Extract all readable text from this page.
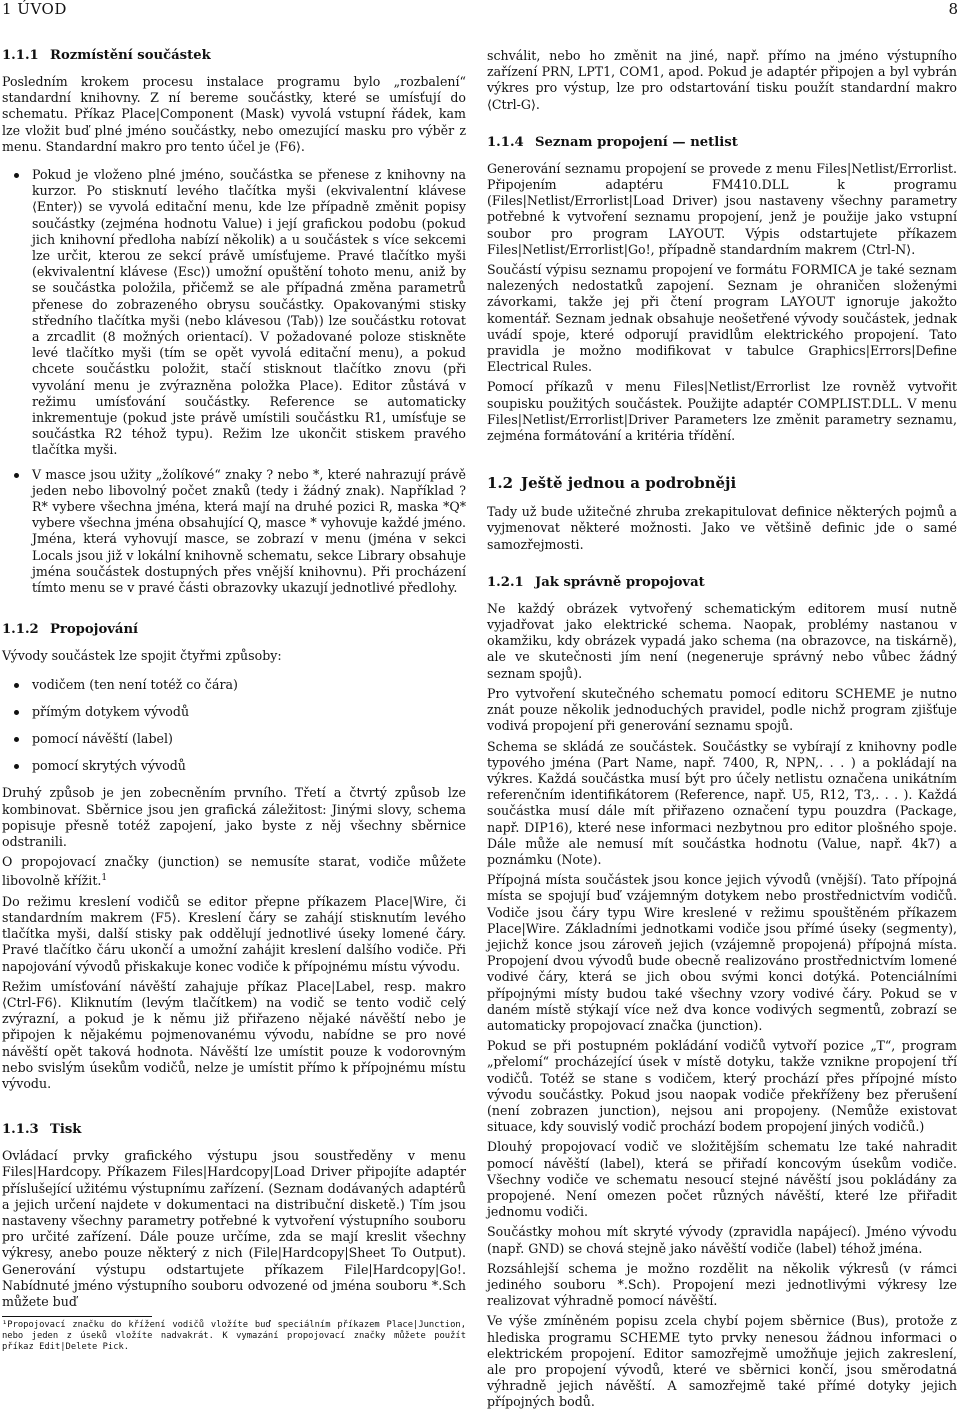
1 ÚVOD	8
1.1.1 Rozmístění součástek

Posledním krokem procesu instalace programu bylo „rozbalení“ standardní knihovny. Z ní bereme součástky, které se umísťují do schematu. Příkaz Place|Component (Mask) vyvolá vstupní řádek, kam lze vložit buď plné jméno součástky, nebo omezující masku pro výběr z menu. Standardní makro pro tento účel je ⟨F6⟩.

Pokud je vloženo plné jméno, součástka se přenese z knihovny na kurzor. Po stisknutí levého tlačítka myši (ekvivalentní klávese ⟨Enter⟩) se vyvolá editační menu, kde lze případně změnit popisy součástky (zejména hodnotu Value) i její grafickou podobu (pokud jich knihovní předloha nabízí několik) a u součástek s více sekcemi lze určit, kterou ze sekcí právě umísťujeme. Pravé tlačítko myši (ekvivalentní klávese ⟨Esc⟩) umožní opuštění tohoto menu, aniž by se součástka položila, přičemž se ale případná změna parametrů přenese do zobrazeného obrysu součástky. Opakovanými stisky středního tlačítka myši (nebo klávesou ⟨Tab⟩) lze součástku rotovat a zrcadlit (8 možných orientací). V požadované poloze stiskněte levé tlačítko myši (tím se opět vyvolá editační menu), a pokud chcete součástku položit, stačí stisknout tlačítko znovu (při vyvolání menu je zvýrazněna položka Place). Editor zůstává v režimu umísťování součástky. Reference se automaticky inkrementuje (pokud jste právě umístili součástku R1, umísťuje se součástka R2 téhož typu). Režim lze ukončit stiskem pravého tlačítka myši.
V masce jsou užity „žolíkové“ znaky ? nebo *, které nahrazují právě jeden nebo libovolný počet znaků (tedy i žádný znak). Například ?R* vybere všechna jména, která mají na druhé pozici R, maska *Q* vybere všechna jména obsahující Q, masce * vyhovuje každé jméno. Jména, která vyhovují masce, se zobrazí v menu (jména v sekci Locals jsou již v lokální knihovně schematu, sekce Library obsahuje jména součástek dostupných přes vnější knihovnu). Při procházení tímto menu se v pravé části obrazovky ukazují jednotlivé předlohy.
1.1.2 Propojování

Vývody součástek lze spojit čtyřmi způsoby:

vodičem (ten není totéž co čára)
přímým dotykem vývodů
pomocí návěští (label)
pomocí skrytých vývodů

Druhý způsob je jen zobecněním prvního. Třetí a čtvrtý způsob lze kombinovat. Sběrnice jsou jen grafická záležitost: Jinými slovy, schema popisuje přesně totéž zapojení, jako byste z něj všechny sběrnice odstranili.

O propojovací značky (junction) se nemusíte starat, vodiče můžete libovolně křížit.$^1$

Do režimu kreslení vodičů se editor přepne příkazem Place|Wire, či standardním makrem ⟨F5⟩. Kreslení čáry se zahájí stisknutím levého tlačítka myši, další stisky pak oddělují jednotlivé úseky lomené čáry. Pravé tlačítko čáru ukončí a umožní zahájit kreslení dalšího vodiče. Při napojování vývodů přiskakuje konec vodiče k přípojnému místu vývodu.

Režim umísťování návěští zahajuje příkaz Place|Label, resp. makro ⟨Ctrl-F6⟩. Kliknutím (levým tlačítkem) na vodič se tento vodič celý zvýrazní, a pokud je k němu již přiřazeno nějaké návěští nebo je připojen k nějakému pojmenovanému vývodu, nabídne se pro nové návěští opět taková hodnota. Návěští lze umístit pouze k vodorovným nebo svislým úsekům vodičů, nelze je umístit přímo k přípojnému místu vývodu.

1.1.3 Tisk

Ovládací prvky grafického výstupu jsou soustředěny v menu Files|Hardcopy. Příkazem Files|Hardcopy|Load Driver připojíte adaptér příslušející užitému výstupnímu zařízení. (Seznam dodávaných adaptérů a jejich určení najdete v dokumentaci na distribuční disketě.) Tím jsou nastaveny všechny parametry potřebné k vytvoření výstupního souboru pro určité zařízení. Dále pouze určíme, zda se mají kreslit všechny výkresy, anebo pouze některý z nich (File|Hardcopy|Sheet To Output). Generování výstupu odstartujete příkazem File|Hardcopy|Go!. Nabídnuté jméno výstupního souboru odvozené od jména souboru *.Sch můžete buď

¹Propojovací značku do křížení vodičů vložíte buď speciálním příkazem Place|Junction, nebo jeden z úseků vložíte nadvakrát. K vymazání propojovací značky můžete použít příkaz Edit|Delete Pick.

schválit, nebo ho změnit na jiné, např. přímo na jméno výstupního zařízení PRN, LPT1, COM1, apod. Pokud je adaptér připojen a byl vybrán výkres pro výstup, lze pro odstartování tisku použít standardní makro ⟨Ctrl-G⟩.

1.1.4 Seznam propojení — netlist

Generování seznamu propojení se provede z menu Files|Netlist/Errorlist. Připojením adaptéru FM410.DLL k programu (Files|Netlist/Errorlist|Load Driver) jsou nastaveny všechny parametry potřebné k vytvoření seznamu propojení, jenž je použije jako vstupní soubor pro program LAYOUT. Výpis odstartujete příkazem Files|Netlist/Errorlist|Go!, případně standardním makrem ⟨Ctrl-N⟩.

Součástí výpisu seznamu propojení ve formátu FORMICA je také seznam nalezených nedostatků zapojení. Seznam je ohraničen složenými závorkami, takže jej při čtení program LAYOUT ignoruje jakožto komentář. Seznam jednak obsahuje neošetřené vývody součástek, jednak uvádí spoje, které odporují pravidlům elektrického propojení. Tato pravidla je možno modifikovat v tabulce Graphics|Errors|Define Electrical Rules.

Pomocí příkazů v menu Files|Netlist/Errorlist lze rovněž vytvořit soupisku použitých součástek. Použijte adaptér COMPLIST.DLL. V menu Files|Netlist/Errorlist|Driver Parameters lze změnit parametry seznamu, zejména formátování a kritéria třídění.

1.2 Ještě jednou a podrobněji

Tady už bude užitečné zhruba zrekapitulovat definice některých pojmů a vyjmenovat některé možnosti. Jako ve většině definic jde o samé samozřejmosti.

1.2.1 Jak správně propojovat

Ne každý obrázek vytvořený schematickým editorem musí nutně vyjadřovat jako elektrické schema. Naopak, problémy nastanou v okamžiku, kdy obrázek vypadá jako schema (na obrazovce, na tiskárně), ale ve skutečnosti jím není (negeneruje správný nebo vůbec žádný seznam spojů).

Pro vytvoření skutečného schematu pomocí editoru SCHEME je nutno znát pouze několik jednoduchých pravidel, podle nichž program zjišťuje vodivá propojení při generování seznamu spojů.

Schema se skládá ze součástek. Součástky se vybírají z knihovny podle typového jména (Part Name, např. 7400, R, NPN,. . . ) a pokládají na výkres. Každá součástka musí být pro účely netlistu označena unikátním referenčním identifikátorem (Reference, např. U5, R12, T3,. . . ). Každá součástka musí dále mít přiřazeno označení typu pouzdra (Package, např. DIP16), které nese informaci nezbytnou pro editor plošného spoje. Dále může ale nemusí mít součástka hodnotu (Value, např. 4k7) a poznámku (Note).

Přípojná místa součástek jsou konce jejich vývodů (vnější). Tato přípojná místa se spojují buď vzájemným dotykem nebo prostřednictvím vodičů. Vodiče jsou čáry typu Wire kreslené v režimu spouštěném příkazem Place|Wire. Základními jednotkami vodiče jsou přímé úseky (segmenty), jejichž konce jsou zároveň jejich (vzájemně propojená) přípojná místa. Propojení dvou vývodů bude obecně realizováno prostřednictvím lomené vodivé čáry, která se jich obou svými konci dotýká. Potenciálními přípojnými místy budou také všechny vzory vodivé čáry. Pokud se v daném místě stýkají více než dva konce vodivých segmentů, zobrazí se automaticky propojovací značka (junction).

Pokud se při postupném pokládání vodičů vytvoří pozice „T“, program „přelomí“ procházející úsek v místě dotyku, takže vznikne propojení tří vodičů. Totéž se stane s vodičem, který prochází přes přípojné místo vývodu součástky. Pokud jsou naopak vodiče překříženy bez přerušení (není zobrazen junction), nejsou ani propojeny. (Nemůže existovat situace, kdy souvislý vodič prochází bodem propojení jiných vodičů.)

Dlouhý propojovací vodič ve složitějším schematu lze také nahradit pomocí návěští (label), která se přiřadí koncovým úsekům vodiče. Všechny vodiče ve schematu nesoucí stejné návěští jsou pokládány za propojené. Není omezen počet různých návěští, které lze přiřadit jednomu vodiči.

Součástky mohou mít skryté vývody (zpravidla napájecí). Jméno vývodu (např. GND) se chová stejně jako návěští vodiče (label) téhož jména.

Rozsáhlejší schema je možno rozdělit na několik výkresů (v rámci jediného souboru *.Sch). Propojení mezi jednotlivými výkresy lze realizovat výhradně pomocí návěští.

Ve výše zmíněném popisu zcela chybí pojem sběrnice (Bus), protože z hlediska programu SCHEME tyto prvky nenesou žádnou informaci o elektrickém propojení. Editor samozřejmě umožňuje jejich zakreslení, ale pro propojení vývodů, které ve sběrnici končí, jsou směrodatná výhradně jejich návěští. A samozřejmě také přímé dotyky jejich přípojných bodů.
